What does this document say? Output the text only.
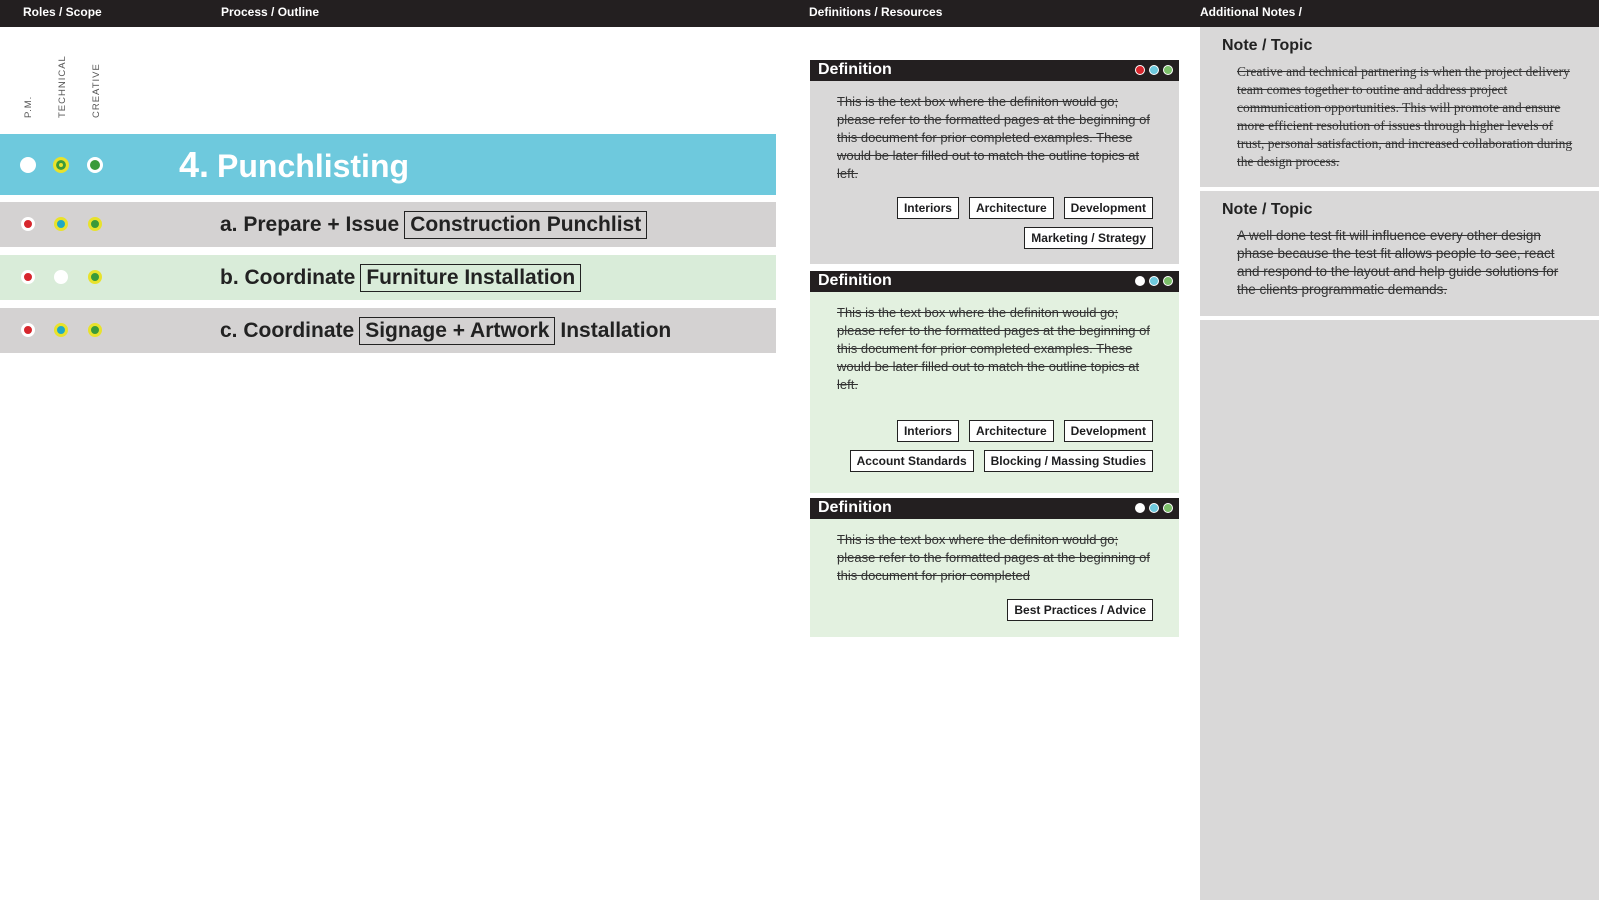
Roles / Scope	Process / Outline	Definitions / Resources	Additional Notes /
P.M. TECHNICAL CREATIVE
4. Punchlisting
a. Prepare + Issue Construction Punchlist
b. Coordinate Furniture Installation
c. Coordinate Signage + Artwork Installation
Definition
This is the text box where the definiton would go; please refer to the formatted pages at the beginning of this document for prior completed examples. These would be later filled out to match the outline topics at left.
Interiors	Architecture	Development
Marketing / Strategy
Definition
This is the text box where the definiton would go; please refer to the formatted pages at the beginning of this document for prior completed examples. These would be later filled out to match the outline topics at left.
Interiors	Architecture	Development
Account Standards	Blocking / Massing Studies
Definition
This is the text box where the definiton would go; please refer to the formatted pages at the beginning of this document for prior completed
Best Practices / Advice
Note / Topic
Creative and technical partnering is when the project delivery team comes together to outine and address project communication opportunities. This will promote and ensure more efficient resolution of issues through higher levels of trust, personal satisfaction, and increased collaboration during the design process.
Note / Topic
A well done test fit will influence every other design phase because the test fit allows people to see, react and respond to the layout and help guide solutions for the clients programmatic demands.
